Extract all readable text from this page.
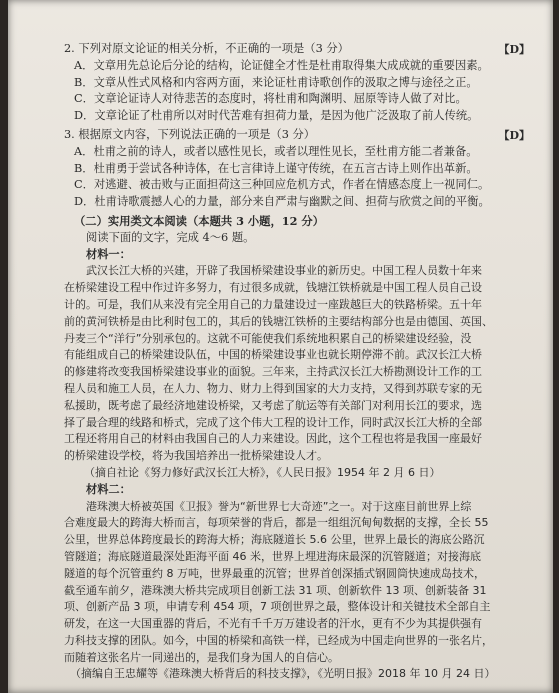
2. 下列对原文论证的相关分析，不正确的一项是（3 分）	【D】
A．文章用先总论后分论的结构，论证健全才性是杜甫取得集大成成就的重要因素。
B．文章从性式风格和内容两方面，来论证杜甫诗歌创作的汲取之博与途径之正。
C．文章论证诗人对待悲苦的态度时，将杜甫和陶渊明、屈原等诗人做了对比。
D．文章论证了杜甫所以对时代苦难有担荷力量，是因为他广泛汲取了前人传统。
3. 根据原文内容，下列说法正确的一项是（3 分）	【D】
A．杜甫之前的诗人，或者以感性见长，或者以理性见长，至杜甫方能二者兼备。
B．杜甫勇于尝试各种诗体，在七言律诗上谨守传统，在五言古诗上则作出革新。
C．对逃避、被击败与正面担荷这三种回应危机方式，作者在情感态度上一视同仁。
D．杜甫诗歌震撼人心的力量，部分来自严肃与幽默之间、担荷与欣赏之间的平衡。
（二）实用类文本阅读（本题共 3 小题，12 分）
阅读下面的文字，完成 4～6 题。
材料一：
武汉长江大桥的兴建，开辟了我国桥梁建设事业的新历史。中国工程人员数十年来
在桥梁建设工程中作过许多努力，有过很多成就，钱塘江铁桥就是中国工程人员自己设
计的。可是，我们从来没有完全用自己的力量建设过一座跋越巨大的铁路桥梁。五十年
前的黄河铁桥是由比利时包工的，其后的钱塘江铁桥的主要结构部分也是由德国、英国、
丹麦三个“洋行”分别承包的。这就不可能使我们系统地积累自己的桥梁建设经验，没
有能组成自己的桥梁建设队伍，中国的桥梁建设事业也就长期停滞不前。武汉长江大桥
的修建将改变我国桥梁建设事业的面貌。三年来，主持武汉长江大桥勘测设计工作的工
程人员和施工人员，在人力、物力、财力上得到国家的大力支持，又得到苏联专家的无
私援助，既考虑了最经济地建设桥梁，又考虑了航运等有关部门对利用长江的要求，选
择了最合理的线路和桥式，完成了这个伟大工程的设计工作，同时武汉长江大桥的全部
工程还将用自己的材料由我国自己的人力来建设。因此，这个工程也将是我国一座最好
的桥梁建设学校，将为我国培养出一批桥梁建设人才。
（摘自社论《努力修好武汉长江大桥》，《人民日报》1954 年 2 月 6 日）
材料二：
港珠澳大桥被英国《卫报》誉为“新世界七大奇迹”之一。对于这座目前世界上综
合难度最大的跨海大桥而言，每项荣誉的背后，都是一组组沉甸甸数据的支撑，全长 55
公里，世界总体跨度最长的跨海大桥；海底隧道长 5.6 公里，世界上最长的海底公路沉
管隧道；海底隧道最深处距海平面 46 米，世界上埋进海床最深的沉管隧道；对接海底
隧道的每个沉管重约 8 万吨，世界最重的沉管；世界首创深插式钢圆筒快速成岛技术，
截至通车前夕，港珠澳大桥共完成项目创新工法 31 项、创新软件 13 项、创新装备 31
项、创新产品 3 项，申请专利 454 项，7 项创世界之最，整体设计和关键技术全部自主
研发，在这一大国重器的背后，不光有千千万万建设者的汗水，更有不少为其提供强有
力科技支撑的团队。如今，中国的桥梁和高铁一样，已经成为中国走向世界的一张名片，
而随着这张名片一同递出的，是我们身为国人的自信心。
（摘编自王忠耀等《港珠澳大桥背后的科技支撑》，《光明日报》2018 年 10 月 24 日）
